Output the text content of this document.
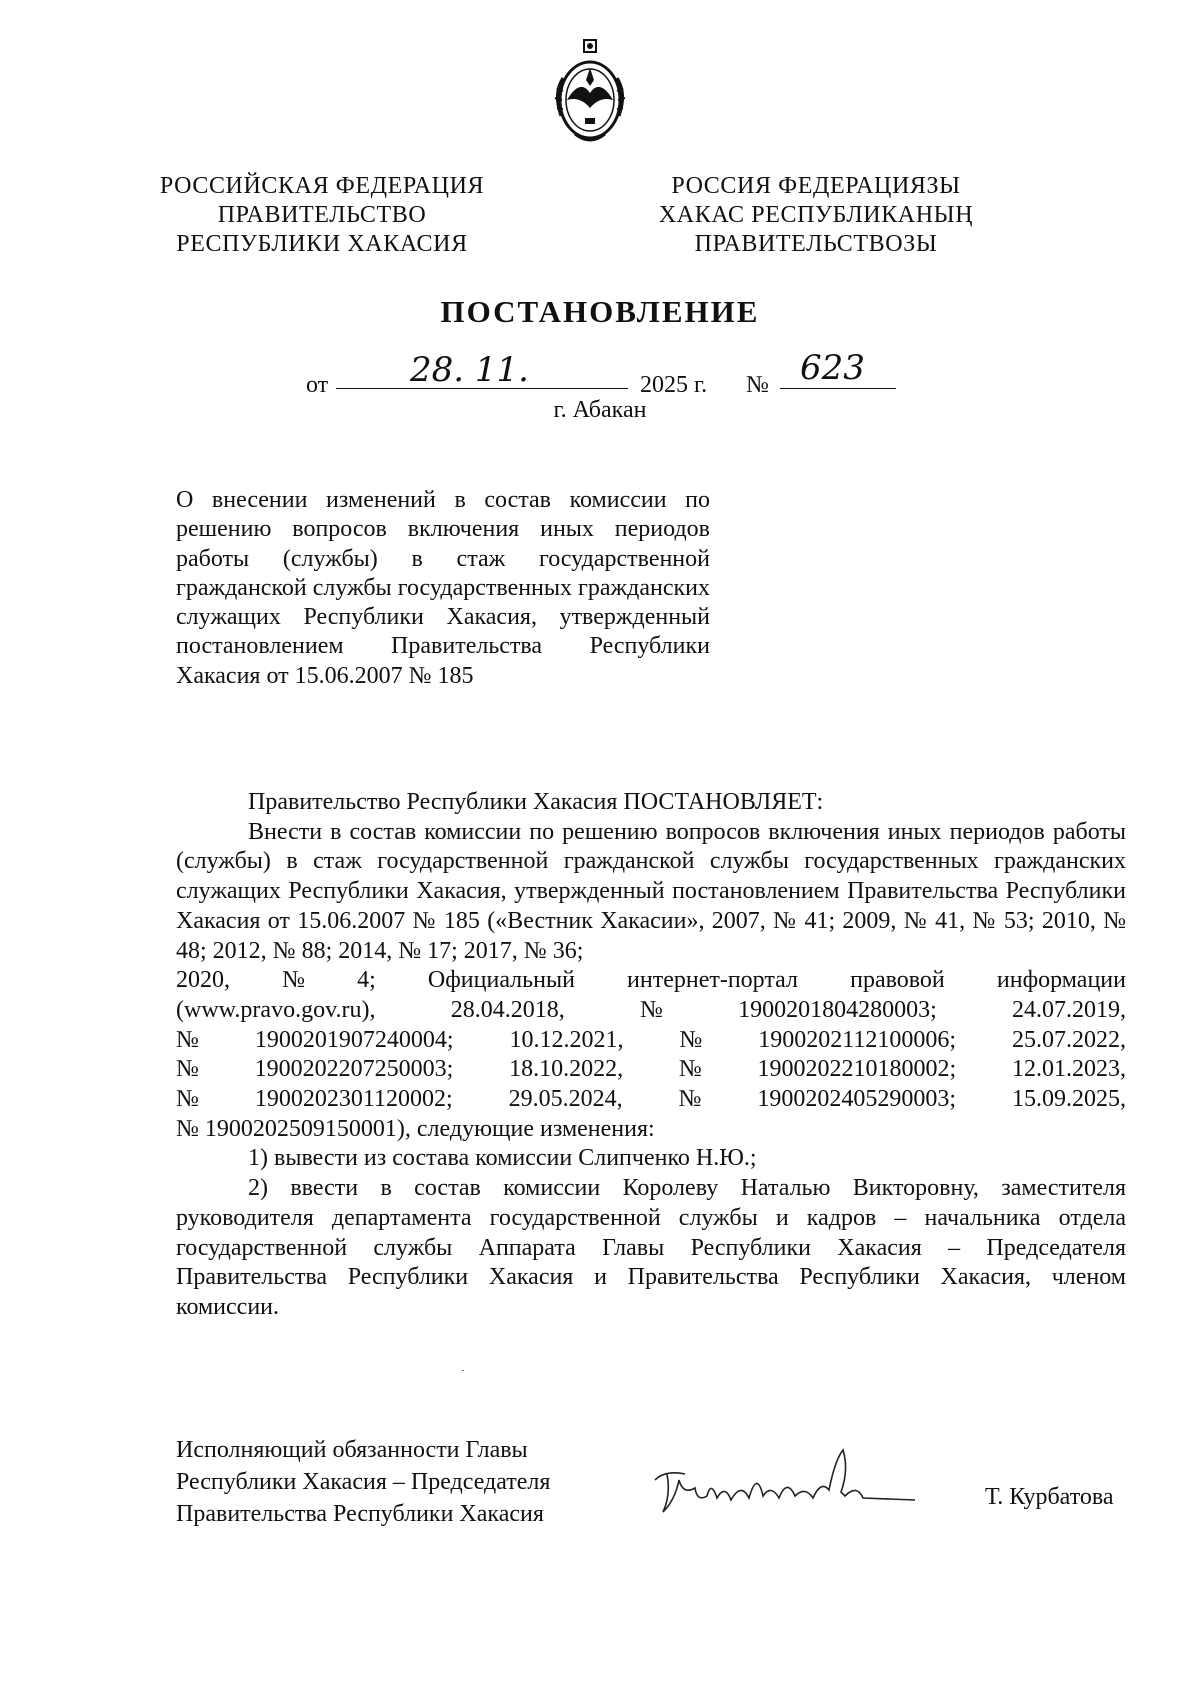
РОССИЙСКАЯ ФЕДЕРАЦИЯ
ПРАВИТЕЛЬСТВО
РЕСПУБЛИКИ ХАКАСИЯ
РОССИЯ ФЕДЕРАЦИЯЗЫ
ХАКАС РЕСПУБЛИКАНЫҢ
ПРАВИТЕЛЬСТВОЗЫ
ПОСТАНОВЛЕНИЕ
от 28. 11.	2025 г. № 623
г. Абакан
О внесении изменений в состав комиссии по решению вопросов включения иных периодов работы (службы) в стаж государственной гражданской службы государственных гражданских служащих Республики Хакасия, утвержденный постановлением Правительства Республики Хакасия от 15.06.2007 № 185
Правительство Республики Хакасия ПОСТАНОВЛЯЕТ:
Внести в состав комиссии по решению вопросов включения иных периодов работы (службы) в стаж государственной гражданской службы государственных гражданских служащих Республики Хакасия, утвержденный постановлением Правительства Республики Хакасия от 15.06.2007 № 185 («Вестник Хакасии», 2007, № 41; 2009, № 41, № 53; 2010, № 48; 2012, № 88; 2014, № 17; 2017, № 36;
2020, № 4; Официальный интернет-портал правовой информации
(www.pravo.gov.ru),	28.04.2018,	№	1900201804280003;	24.07.2019,
№ 1900201907240004; 10.12.2021, № 1900202112100006; 25.07.2022,
№ 1900202207250003; 18.10.2022, № 1900202210180002; 12.01.2023,
№ 1900202301120002; 29.05.2024, № 1900202405290003; 15.09.2025,
№ 1900202509150001), следующие изменения:
1) вывести из состава комиссии Слипченко Н.Ю.;
2) ввести в состав комиссии Королеву Наталью Викторовну, заместителя руководителя департамента государственной службы и кадров – начальника отдела государственной службы Аппарата Главы Республики Хакасия – Председателя Правительства Республики Хакасия и Правительства Республики Хакасия, членом комиссии.
Исполняющий обязанности Главы
Республики Хакасия – Председателя
Правительства Республики Хакасия
Т. Курбатова
